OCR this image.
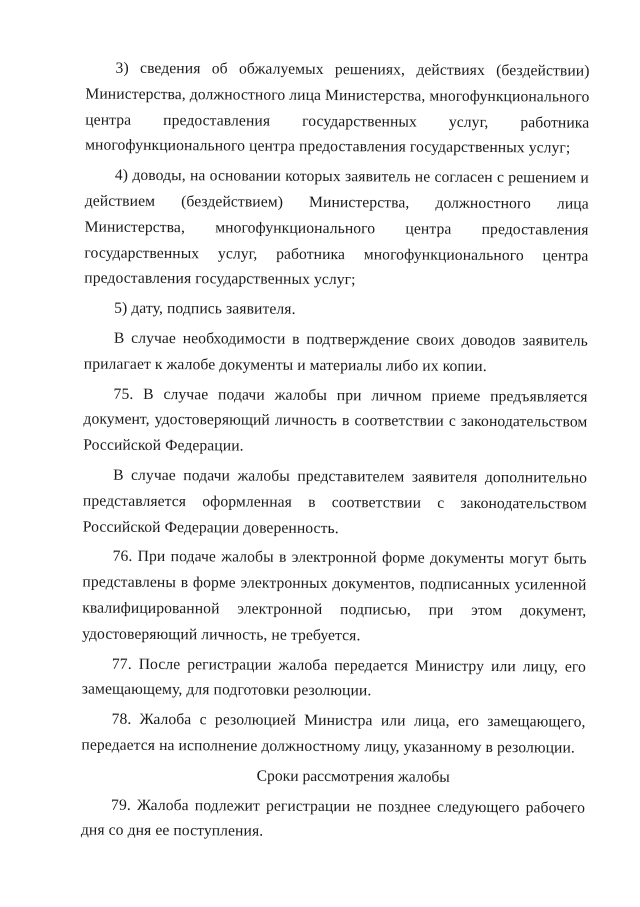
3) сведения об обжалуемых решениях, действиях (бездействии) Министерства, должностного лица Министерства, многофункционального центра предоставления государственных услуг, работника многофункционального центра предоставления государственных услуг;

4) доводы, на основании которых заявитель не согласен с решением и действием (бездействием) Министерства, должностного лица Министерства, многофункционального центра предоставления государственных услуг, работника многофункционального центра предоставления государственных услуг;

5) дату, подпись заявителя.

В случае необходимости в подтверждение своих доводов заявитель прилагает к жалобе документы и материалы либо их копии.

75. В случае подачи жалобы при личном приеме предъявляется документ, удостоверяющий личность в соответствии с законодательством Российской Федерации.

В случае подачи жалобы представителем заявителя дополнительно представляется оформленная в соответствии с законодательством Российской Федерации доверенность.

76. При подаче жалобы в электронной форме документы могут быть представлены в форме электронных документов, подписанных усиленной квалифицированной электронной подписью, при этом документ, удостоверяющий личность, не требуется.

77. После регистрации жалоба передается Министру или лицу, его замещающему, для подготовки резолюции.

78. Жалоба с резолюцией Министра или лица, его замещающего, передается на исполнение должностному лицу, указанному в резолюции.

Сроки рассмотрения жалобы

79. Жалоба подлежит регистрации не позднее следующего рабочего дня со дня ее поступления.
